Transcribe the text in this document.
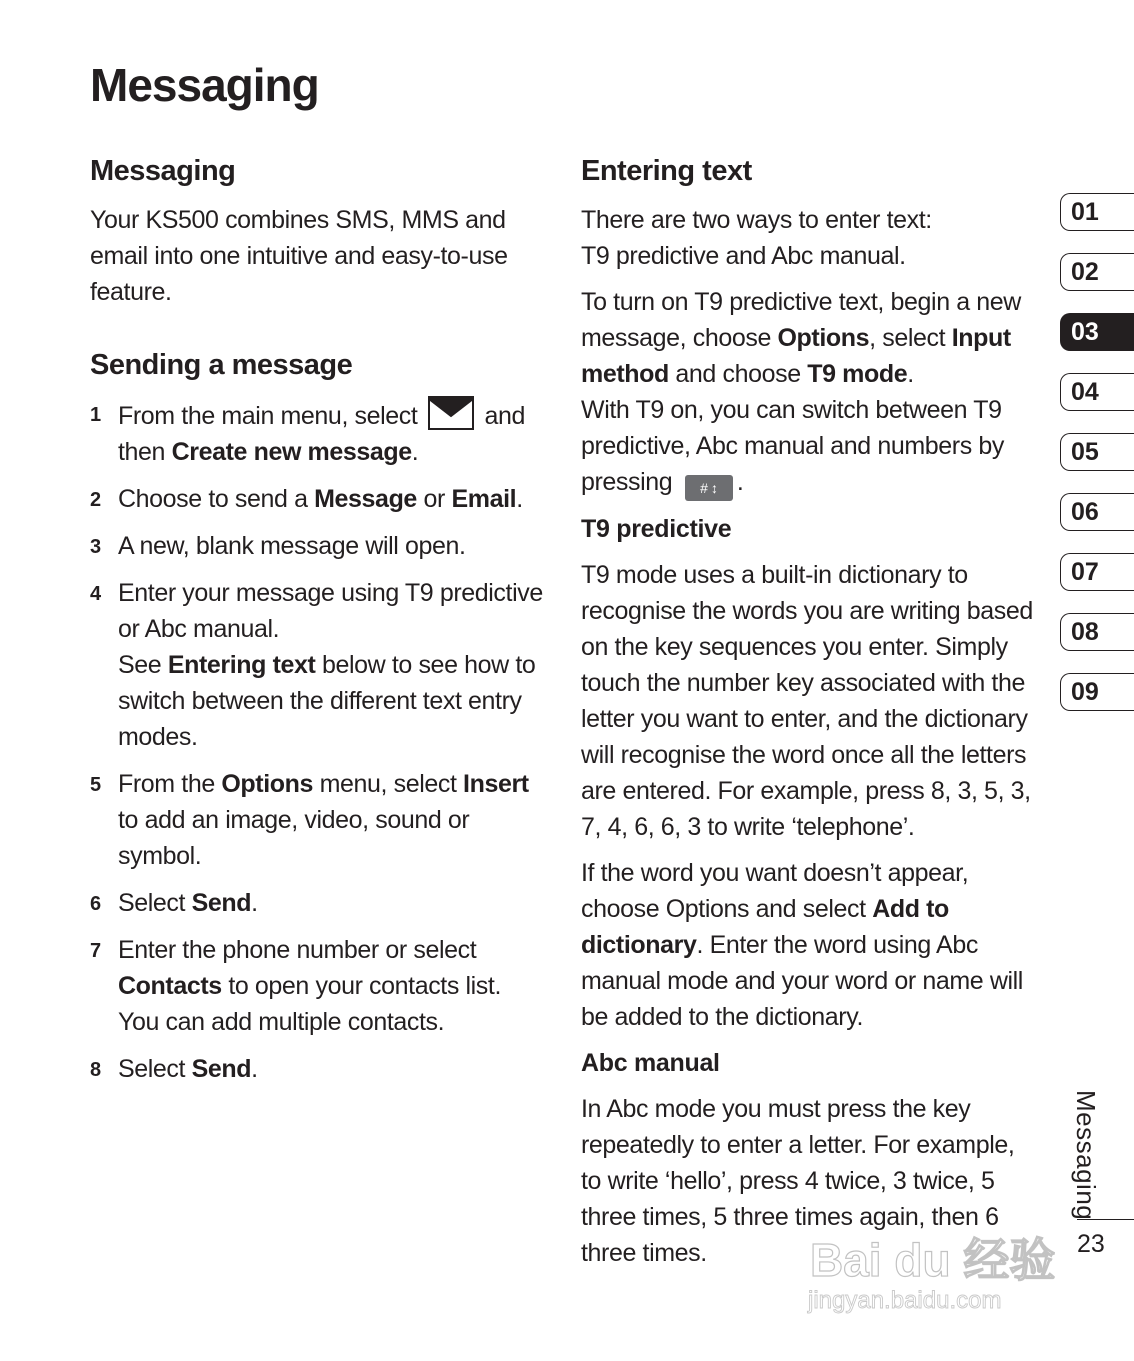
Messaging
Messaging

Your KS500 combines SMS, MMS and email into one intuitive and easy-to-use feature.

Sending a message
1 From the main menu, select	and then Create new message.
2 Choose to send a Message or Email.
3 A new, blank message will open.
4 Enter your message using T9 predictive or Abc manual.
See Entering text below to see how to switch between the different text entry modes.
5 From the Options menu, select Insert to add an image, video, sound or symbol.
6 Select Send.
7 Enter the phone number or select
Contacts to open your contacts list.
You can add multiple contacts.
8 Select Send.
Entering text

There are two ways to enter text:
T9 predictive and Abc manual.

To turn on T9 predictive text, begin a new message, choose Options, select Input method and choose T9 mode.
With T9 on, you can switch between T9 predictive, Abc manual and numbers by pressing # ↕ .

T9 predictive

T9 mode uses a built-in dictionary to recognise the words you are writing based on the key sequences you enter. Simply touch the number key associated with the letter you want to enter, and the dictionary will recognise the word once all the letters are entered. For example, press 8, 3, 5, 3, 7, 4, 6, 6, 3 to write ‘telephone’.

If the word you want doesn’t appear, choose Options and select Add to dictionary. Enter the word using Abc manual mode and your word or name will be added to the dictionary.

Abc manual

In Abc mode you must press the key repeatedly to enter a letter. For example, to write ‘hello’, press 4 twice, 3 twice, 5 three times, 5 three times again, then 6 three times.

01
02
03
04
05
06
07
08
09
Messaging
23
Bai du 经验
jingyan.baidu.com
